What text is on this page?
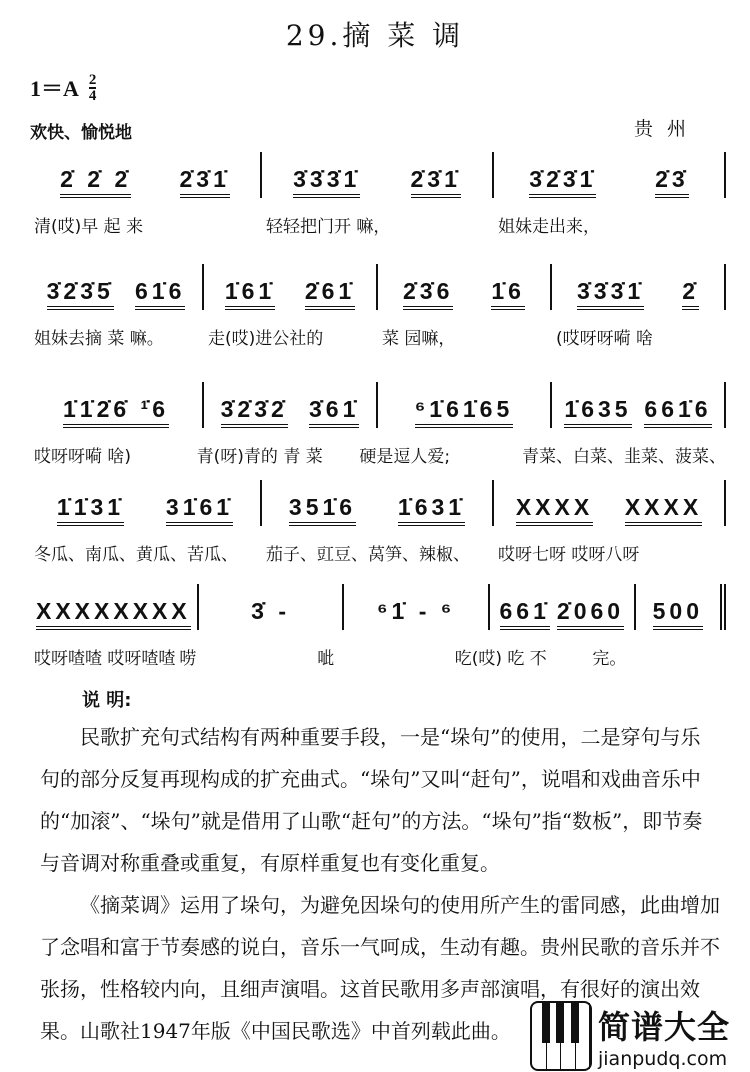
29.摘 菜 调
1＝A 2
4
欢快、愉悦地	贵州
2̇ 2̇ 2̇ 2̇3̇1̇	3̇3̇3̇1̇ 2̇3̇1̇	3̇2̇3̇1̇	2̇3̇
清(哎)早 起 来	轻轻把门开 嘛，	姐妹走出来，
3̇2̇3̇5̇ 61̇6 1̇61̇ 2̇61̇ 2̇3̇6 1̇6 3̇3̇3̇1̇ 2̇
姐妹去摘 菜 嘛。	走(哎)进公社的	菜 园嘛，	(哎呀呀嗬 啥
1̇1̇2̇6̇ ¹̇6 3̇2̇3̇2̇ 3̇61̇ ⁶1̇61̇65 1̇635 661̇6
哎呀呀嗬 啥)	青(呀)青的 青 菜	硬是逗人爱;	青菜、白菜、韭菜、菠菜、
1̇1̇31̇ 31̇61̇ 351̇6 1̇631̇ XXXX XXXX
冬瓜、南瓜、黄瓜、苦瓜、	茄子、豇豆、莴笋、辣椒、	哎呀七呀 哎呀八呀
XXXX XXXX	3̇ -	⁶1̇ - ⁶ 661̇ 2̇060 500
哎呀喳喳 哎呀喳喳 唠	呲	吃(哎) 吃 不	完。
说 明:

民歌扩充句式结构有两种重要手段，一是“垛句”的使用，二是穿句与乐句的部分反复再现构成的扩充曲式。“垛句”又叫“赶句”，说唱和戏曲音乐中的“加滚”、“垛句”就是借用了山歌“赶句”的方法。“垛句”指“数板”，即节奏与音调对称重叠或重复，有原样重复也有变化重复。

《摘菜调》运用了垛句，为避免因垛句的使用所产生的雷同感，此曲增加了念唱和富于节奏感的说白，音乐一气呵成，生动有趣。贵州民歌的音乐并不张扬，性格较内向，且细声演唱。这首民歌用多声部演唱，有很好的演出效果。山歌社1947年版《中国民歌选》中首列载此曲。	简谱大全
jianpudq.com
